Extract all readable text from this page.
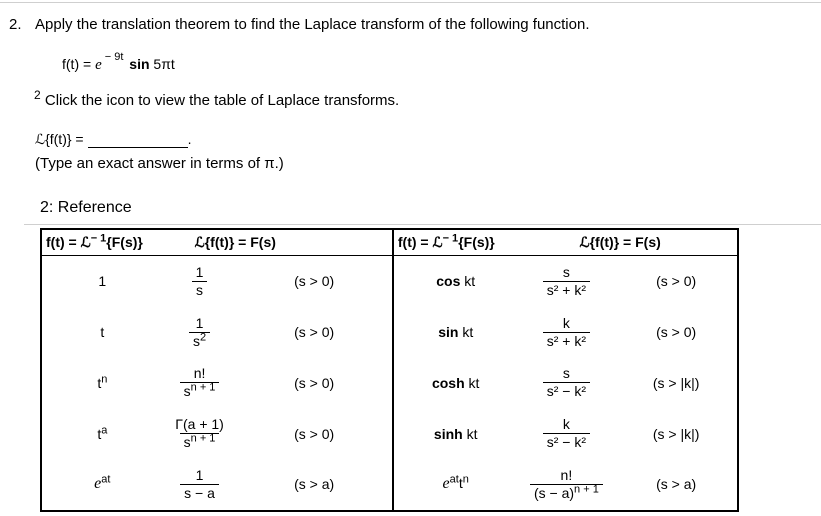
2. Apply the translation theorem to find the Laplace transform of the following function.
f(t) = e $^{- 9t}$ sin 5πt
$^2$ Click the icon to view the table of Laplace transforms.
ℒ{f(t)} =	.
(Type an exact answer in terms of π.)
2: Reference
f(t) = ℒ$^{- 1}${F(s)}	ℒ{f(t)} = F(s)		f(t) = ℒ$^{- 1}${F(s)}	ℒ{f(t)} = F(s)	
1	$\frac{1}{s}$	(s > 0)	cos kt	$\frac{s}{\text{s² + k²}}$	(s > 0)
t	$\frac{1}{s^2}$	(s > 0)	sin kt	$\frac{k}{\text{s² + k²}}$	(s > 0)
$t^n$	$\frac{n!}{s^{n + 1}}$	(s > 0)	cosh kt	$\frac{s}{\text{s² − k²}}$	(s > |k|)
$t^a$	$\frac{\Gamma(a + 1)}{s^{n + 1}}$	(s > 0)	sinh kt	$\frac{k}{\text{s² − k²}}$	(s > |k|)
$e^{at}$	$\frac{1}{s - a}$	(s > a)	$e^{at}t^n$	$\frac{n!}{(s - a)^{n + 1}}$	(s > a)
